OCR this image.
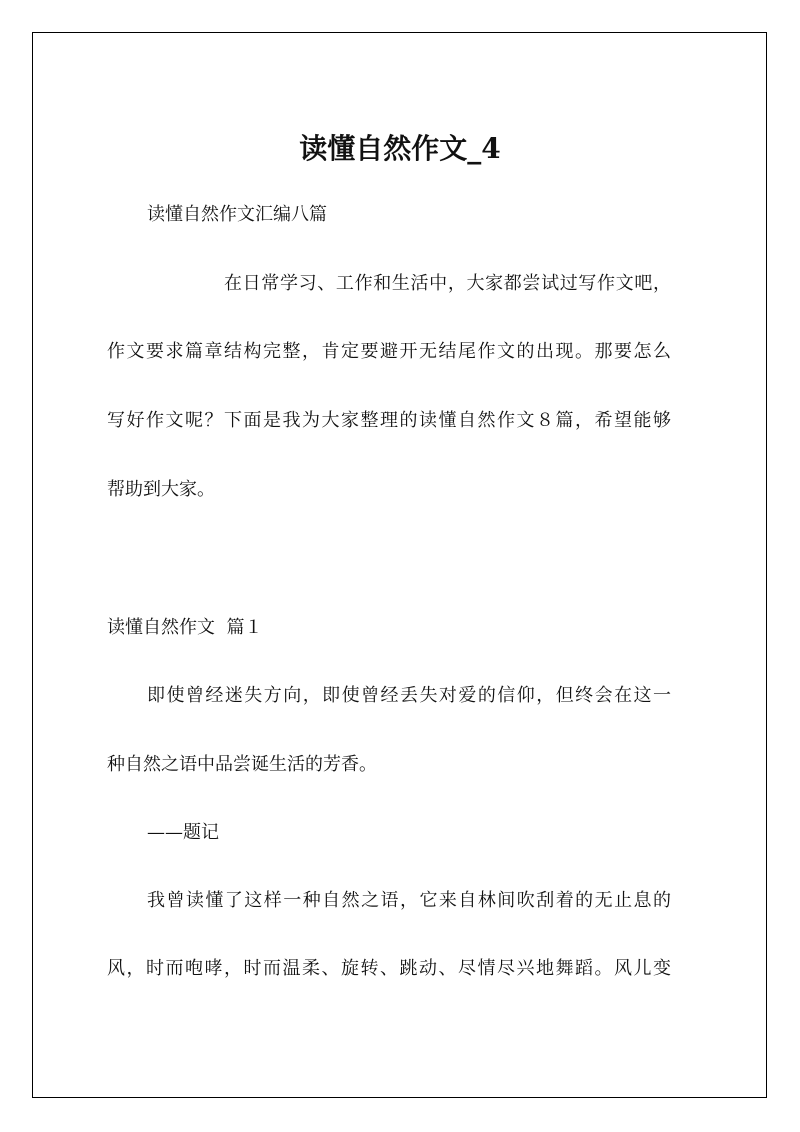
读懂自然作文_4

读懂自然作文汇编八篇

在日常学习、工作和生活中，大家都尝试过写作文吧，

作文要求篇章结构完整，肯定要避开无结尾作文的出现。那要怎么

写好作文呢？下面是我为大家整理的读懂自然作文８篇，希望能够

帮助到大家。

读懂自然作文  篇１

即使曾经迷失方向，即使曾经丢失对爱的信仰，但终会在这一

种自然之语中品尝诞生活的芳香。

——题记

我曾读懂了这样一种自然之语，它来自林间吹刮着的无止息的

风，时而咆哮，时而温柔、旋转、跳动、尽情尽兴地舞蹈。风儿变
